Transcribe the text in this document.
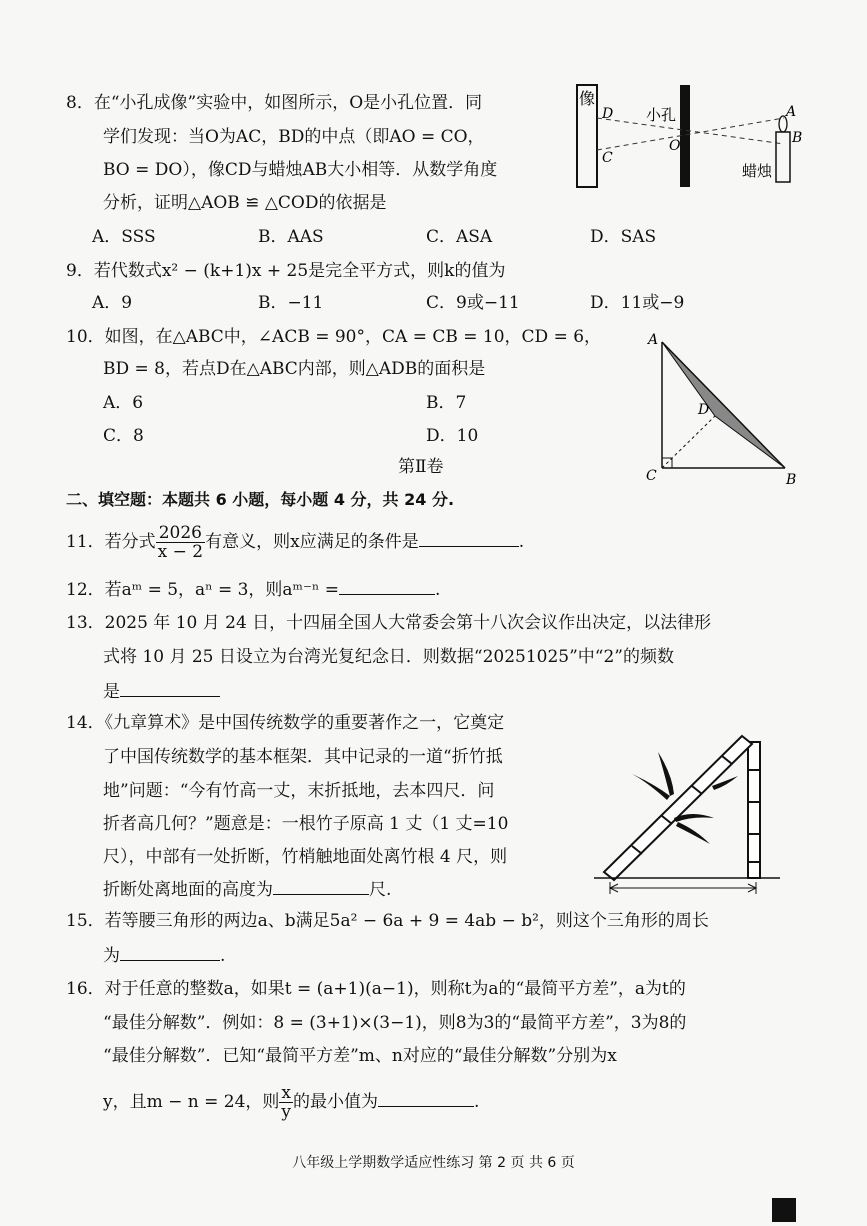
8．在“小孔成像”实验中，如图所示，O是小孔位置．同
学们发现：当O为AC，BD的中点（即AO = CO，
BO = DO），像CD与蜡烛AB大小相等．从数学角度
分析，证明△AOB ≌ △COD的依据是
A．SSS	B．AAS	C．ASA	D．SAS
像
D
C
小孔
O
A
B
蜡烛
9．若代数式x² − (k+1)x + 25是完全平方式，则k的值为
A．9	B．−11	C．9或−11	D．11或−9
10．如图，在△ABC中，∠ACB = 90°，CA = CB = 10，CD = 6，
BD = 8，若点D在△ABC内部，则△ADB的面积是
A．6	B．7
C．8	D．10
A
B
C
D
第Ⅱ卷
二、填空题：本题共 6 小题，每小题 4 分，共 24 分.
11．若分式 $\frac{2026}{x - 2}$ 有意义，则x应满足的条件是	.
12．若aᵐ = 5，aⁿ = 3，则aᵐ⁻ⁿ =	.
13．2025 年 10 月 24 日，十四届全国人大常委会第十八次会议作出决定，以法律形
式将 10 月 25 日设立为台湾光复纪念日．则数据“20251025”中“2”的频数
是
14．《九章算术》是中国传统数学的重要著作之一，它奠定
了中国传统数学的基本框架．其中记录的一道“折竹抵
地”问题：“今有竹高一丈，末折抵地，去本四尺．问
折者高几何？”题意是：一根竹子原高 1 丈（1 丈=10
尺），中部有一处折断，竹梢触地面处离竹根 4 尺，则
折断处离地面的高度为	尺.
15．若等腰三角形的两边a、b满足5a² − 6a + 9 = 4ab − b²，则这个三角形的周长
为	.
16．对于任意的整数a，如果t = (a+1)(a−1)，则称t为a的“最简平方差”，a为t的
“最佳分解数”．例如：8 = (3+1)×(3−1)，则8为3的“最简平方差”，3为8的
“最佳分解数”．已知“最简平方差”m、n对应的“最佳分解数”分别为x
y，且m − n = 24，则 $\frac{x}{y}$ 的最小值为	.
八年级上学期数学适应性练习 第 2 页 共 6 页
